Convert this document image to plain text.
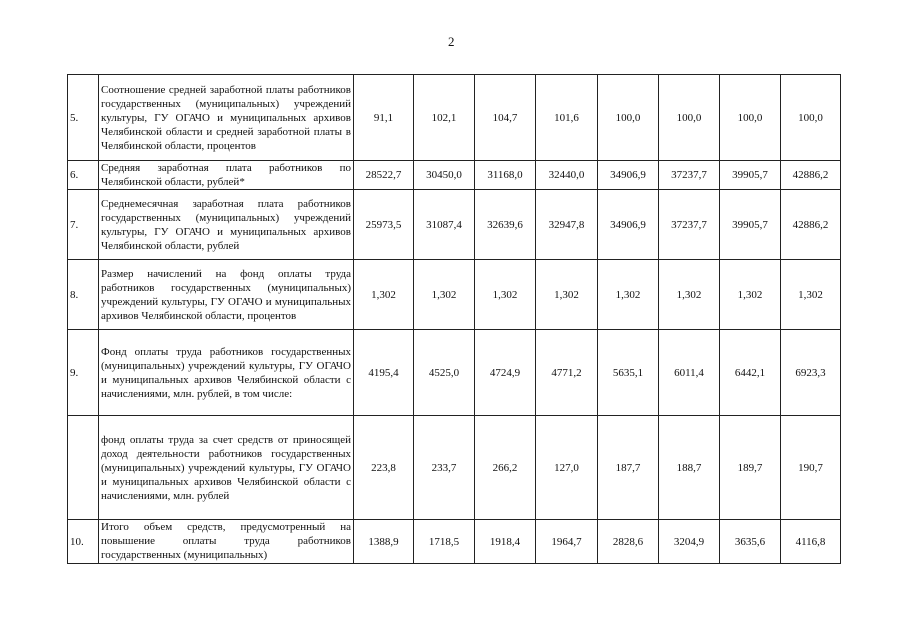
2
5.	Соотношение средней заработной платы работников государственных (муниципальных) учреждений культуры, ГУ ОГАЧО и муниципальных архивов Челябинской области и средней заработной платы в Челябинской области, процентов	91,1	102,1	104,7	101,6	100,0	100,0	100,0	100,0
6.	Средняя заработная плата работников по Челябинской области, рублей*	28522,7	30450,0	31168,0	32440,0	34906,9	37237,7	39905,7	42886,2
7.	Среднемесячная заработная плата работников государственных (муниципальных) учреждений культуры, ГУ ОГАЧО и муниципальных архивов Челябинской области, рублей	25973,5	31087,4	32639,6	32947,8	34906,9	37237,7	39905,7	42886,2
8.	Размер начислений на фонд оплаты труда работников государственных (муниципальных) учреждений культуры, ГУ ОГАЧО и муниципальных архивов Челябинской области, процентов	1,302	1,302	1,302	1,302	1,302	1,302	1,302	1,302
9.	Фонд оплаты труда работников государственных (муниципальных) учреждений культуры, ГУ ОГАЧО и муниципальных архивов Челябинской области с начислениями, млн. рублей, в том числе:	4195,4	4525,0	4724,9	4771,2	5635,1	6011,4	6442,1	6923,3
	фонд оплаты труда за счет средств от приносящей доход деятельности работников государственных (муниципальных) учреждений культуры, ГУ ОГАЧО и муниципальных архивов Челябинской области с начислениями, млн. рублей	223,8	233,7	266,2	127,0	187,7	188,7	189,7	190,7
10.	Итого объем средств, предусмотренный на повышение оплаты труда работников государственных (муниципальных)	1388,9	1718,5	1918,4	1964,7	2828,6	3204,9	3635,6	4116,8
